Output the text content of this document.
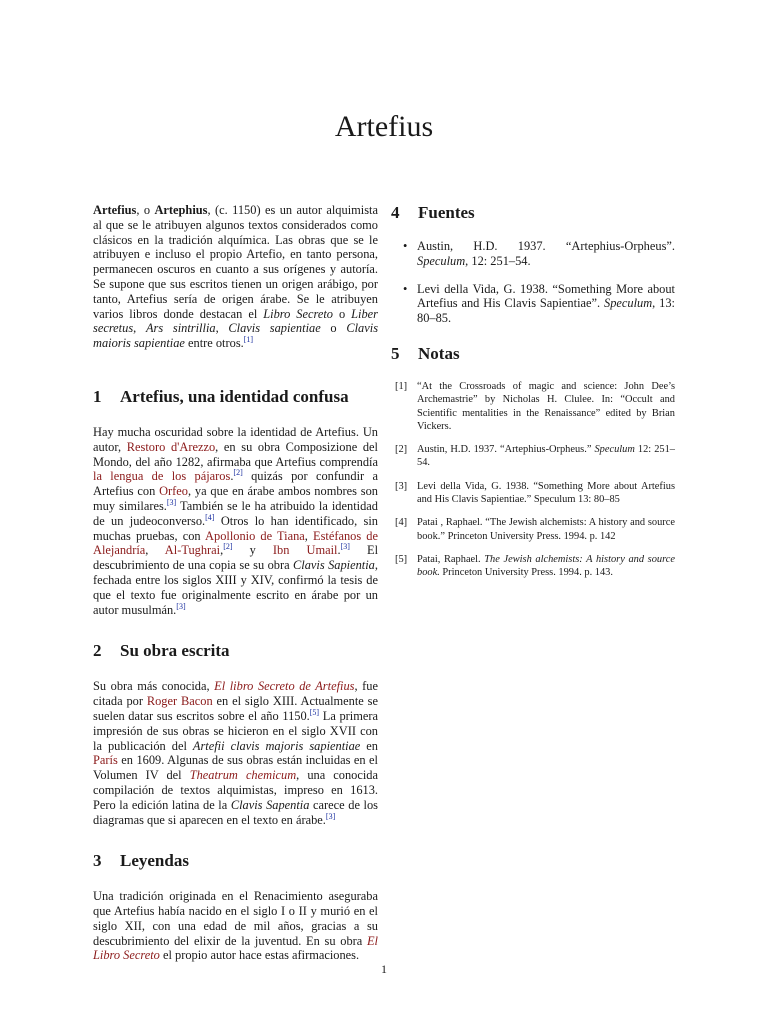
Artefius

Artefius, o Artephius, (c. 1150) es un autor alquimista al que se le atribuyen algunos textos considerados como clásicos en la tradición alquímica. Las obras que se le atribuyen e incluso el propio Artefio, en tanto persona, permanecen oscuros en cuanto a sus orígenes y autoría. Se supone que sus escritos tienen un origen arábigo, por tanto, Artefius sería de origen árabe. Se le atribuyen varios libros donde destacan el Libro Secreto o Liber secretus, Ars sintrillia, Clavis sapientiae o Clavis maioris sapientiae entre otros.[1]

1 Artefius, una identidad confusa

Hay mucha oscuridad sobre la identidad de Artefius. Un autor, Restoro d'Arezzo, en su obra Composizione del Mondo, del año 1282, afirmaba que Artefius comprendía la lengua de los pájaros.[2] quizás por confundir a Artefius con Orfeo, ya que en árabe ambos nombres son muy similares.[3] También se le ha atribuido la identidad de un judeoconverso.[4] Otros lo han identificado, sin muchas pruebas, con Apollonio de Tiana, Estéfanos de Alejandría, Al-Tughrai,[2] y Ibn Umail.[3] El descubrimiento de una copia se su obra Clavis Sapientia, fechada entre los siglos XIII y XIV, confirmó la tesis de que el texto fue originalmente escrito en árabe por un autor musulmán.[3]

2 Su obra escrita

Su obra más conocida, El libro Secreto de Artefius, fue citada por Roger Bacon en el siglo XIII. Actualmente se suelen datar sus escritos sobre el año 1150.[5] La primera impresión de sus obras se hicieron en el siglo XVII con la publicación del Artefii clavis majoris sapientiae en París en 1609. Algunas de sus obras están incluidas en el Volumen IV del Theatrum chemicum, una conocida compilación de textos alquimistas, impreso en 1613. Pero la edición latina de la Clavis Sapentia carece de los diagramas que si aparecen en el texto en árabe.[3]

3 Leyendas

Una tradición originada en el Renacimiento aseguraba que Artefius había nacido en el siglo I o II y murió en el siglo XII, con una edad de mil años, gracias a su descubrimiento del elixir de la juventud. En su obra El Libro Secreto el propio autor hace estas afirmaciones.

4 Fuentes
• Austin, H.D. 1937. “Artephius-Orpheus”. Speculum, 12: 251–54.
• Levi della Vida, G. 1938. “Something More about Artefius and His Clavis Sapientiae”. Speculum, 13: 80–85.
5 Notas
[1] “At the Crossroads of magic and science: John Dee’s Archemastrie” by Nicholas H. Clulee. In: “Occult and Scientific mentalities in the Renaissance” edited by Brian Vickers.
[2] Austin, H.D. 1937. “Artephius-Orpheus.” Speculum 12: 251–54.
[3] Levi della Vida, G. 1938. “Something More about Artefius and His Clavis Sapientiae.” Speculum 13: 80–85
[4] Patai , Raphael. “The Jewish alchemists: A history and source book.” Princeton University Press. 1994. p. 142
[5] Patai, Raphael. The Jewish alchemists: A history and source book. Princeton University Press. 1994. p. 143.
1
